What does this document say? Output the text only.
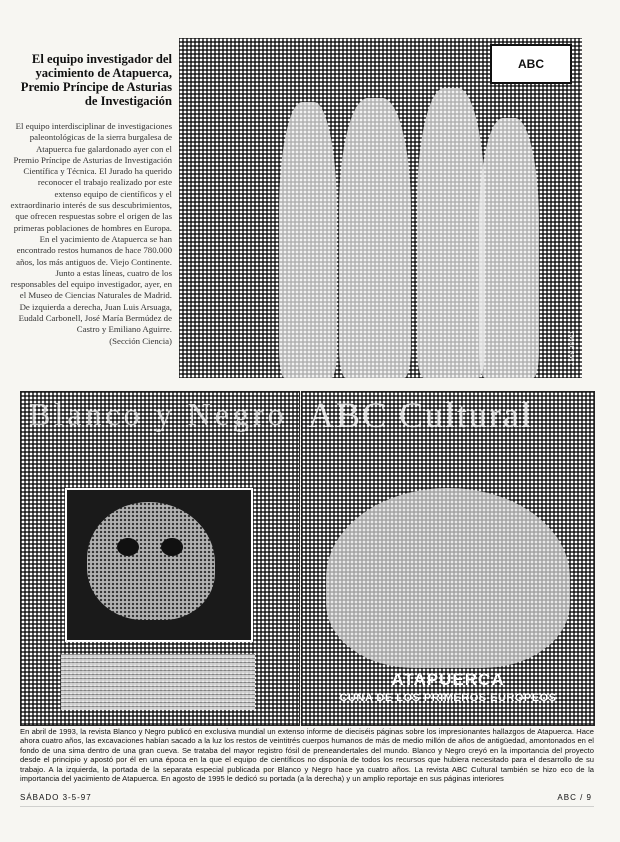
El equipo investigador del yacimiento de Atapuerca, Premio Príncipe de Asturias de Investigación

El equipo interdisciplinar de investigaciones paleontológicas de la sierra burgalesa de Atapuerca fue galardonado ayer con el Premio Príncipe de Asturias de Investigación Científica y Técnica. El Jurado ha querido reconocer el trabajo realizado por este extenso equipo de científicos y el extraordinario interés de sus descubrimientos, que ofrecen respuestas sobre el origen de las primeras poblaciones de hombres en Europa. En el yacimiento de Atapuerca se han encontrado restos humanos de hace 780.000 años, los más antiguos de. Viejo Continente. Junto a estas líneas, cuatro de los responsables del equipo investigador, ayer, en el Museo de Ciencias Naturales de Madrid. De izquierda a derecha, Juan Luis Arsuaga, Eudald Carbonell, José María Bermúdez de Castro y Emiliano Aguirre.

(Sección Ciencia)

ABC
J.M.B. ISMO
Blanco y Negro ABC Cultural
ATAPUERCA
CUNA DE LOS PRIMEROS EUROPEOS

En abril de 1993, la revista Blanco y Negro publicó en exclusiva mundial un extenso informe de dieciséis páginas sobre los impresionantes hallazgos de Atapuerca. Hace ahora cuatro años, las excavaciones habían sacado a la luz los restos de veintitrés cuerpos humanos de más de medio millón de años de antigüedad, amontonados en el fondo de una sima dentro de una gran cueva. Se trataba del mayor registro fósil de preneandertales del mundo. Blanco y Negro creyó en la importancia del proyecto desde el principio y apostó por él en una época en la que el equipo de científicos no disponía de todos los recursos que hubiera necesitado para el desarrollo de su trabajo. A la izquierda, la portada de la separata especial publicada por Blanco y Negro hace ya cuatro años. La revista ABC Cultural también se hizo eco de la importancia del yacimiento de Atapuerca. En agosto de 1995 le dedicó su portada (a la derecha) y un amplio reportaje en sus páginas interiores

SÁBADO 3-5-97	ABC / 9
